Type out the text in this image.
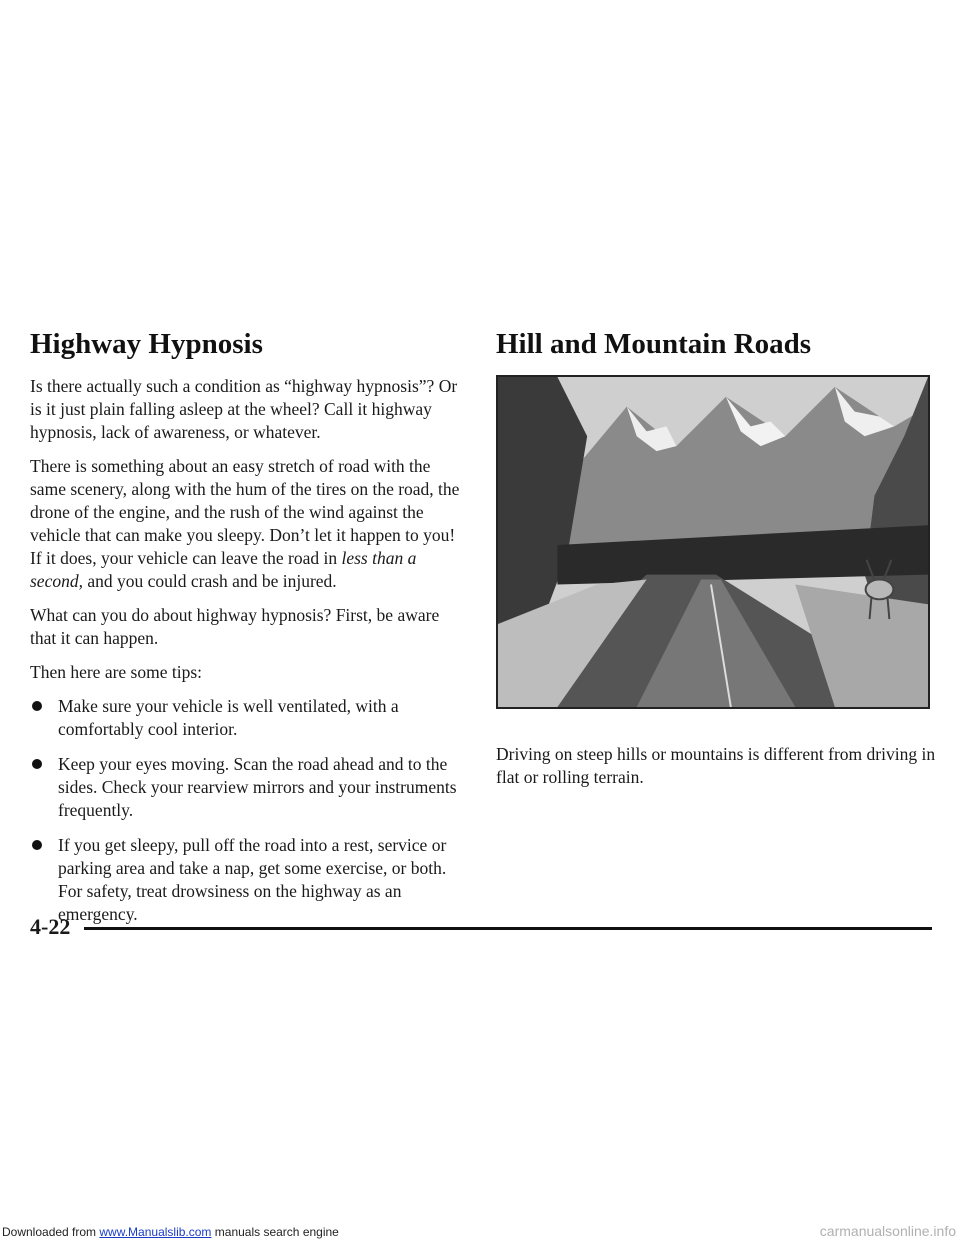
Highway Hypnosis

Is there actually such a condition as “highway hypnosis”? Or is it just plain falling asleep at the wheel? Call it highway hypnosis, lack of awareness, or whatever.

There is something about an easy stretch of road with the same scenery, along with the hum of the tires on the road, the drone of the engine, and the rush of the wind against the vehicle that can make you sleepy. Don’t let it happen to you! If it does, your vehicle can leave the road in less than a second, and you could crash and be injured.

What can you do about highway hypnosis? First, be aware that it can happen.

Then here are some tips:

Make sure your vehicle is well ventilated, with a comfortably cool interior.
Keep your eyes moving. Scan the road ahead and to the sides. Check your rearview mirrors and your instruments frequently.
If you get sleepy, pull off the road into a rest, service or parking area and take a nap, get some exercise, or both. For safety, treat drowsiness on the highway as an emergency.
Hill and Mountain Roads

Driving on steep hills or mountains is different from driving in flat or rolling terrain.

4-22
Downloaded from www.Manualslib.com manuals search engine	carmanualsonline.info
